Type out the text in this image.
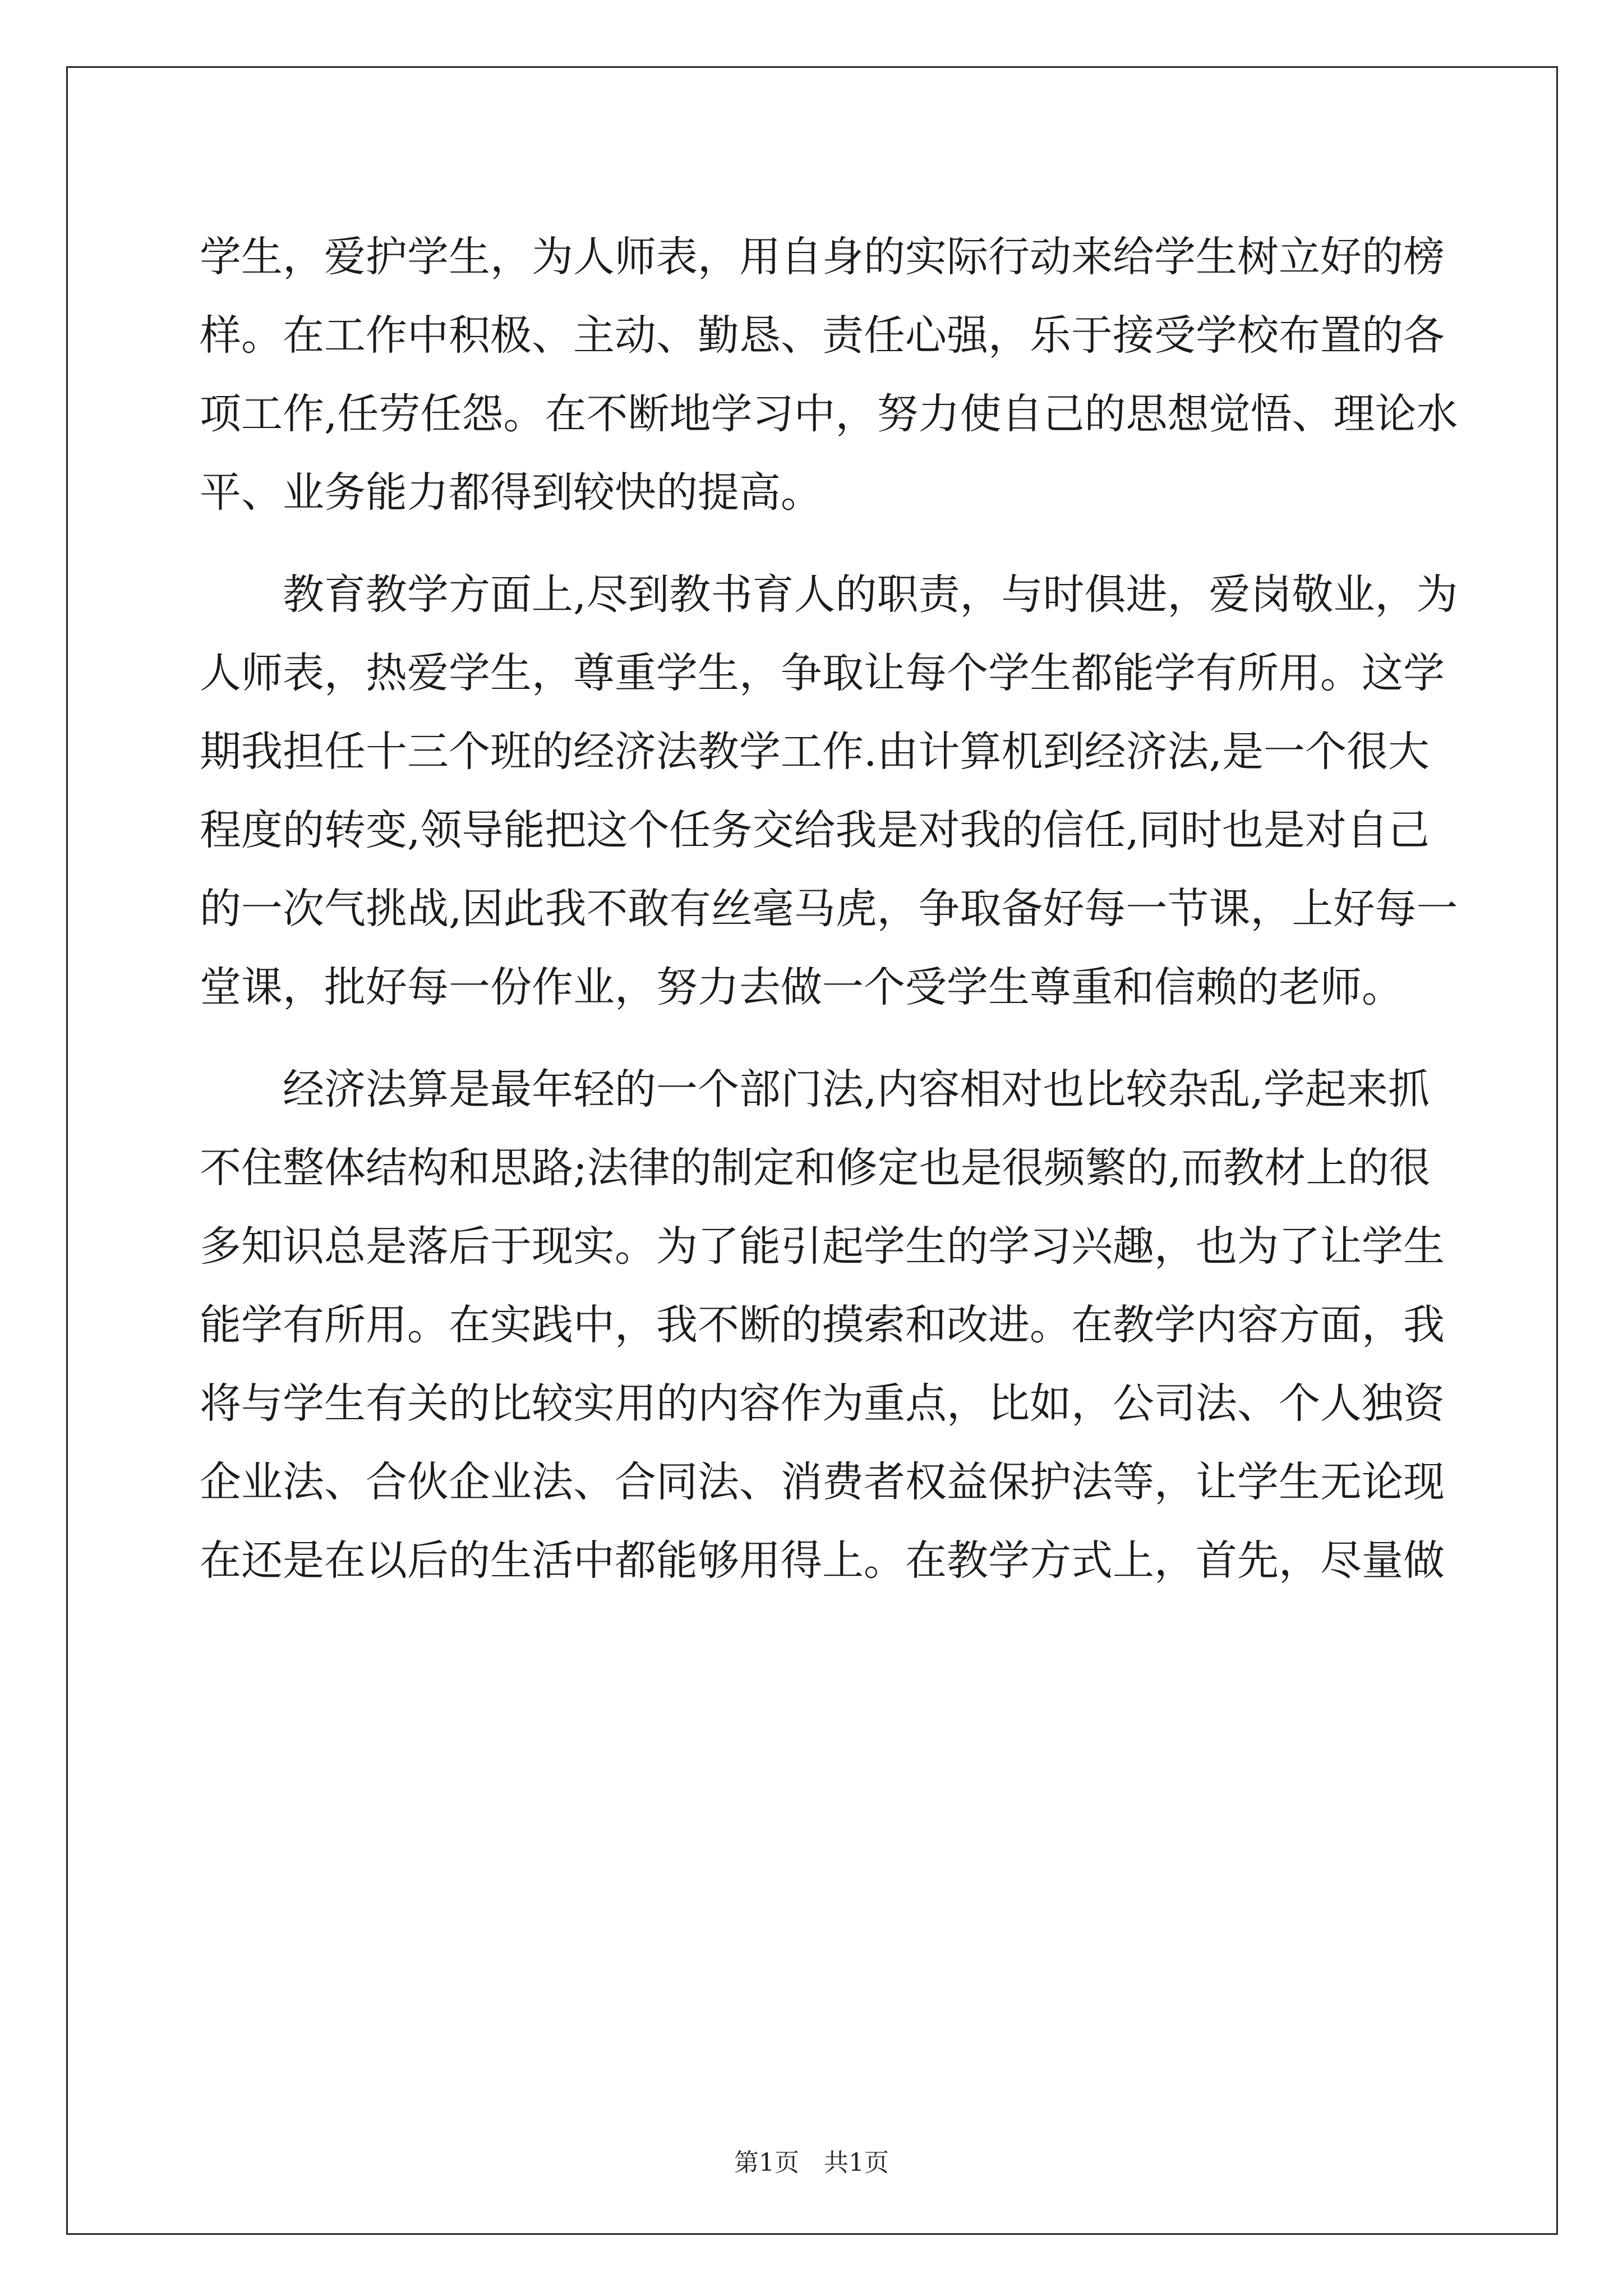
学生，爱护学生，为人师表，用自身的实际行动来给学生树立好的榜
样。在工作中积极、主动、勤恳、责任心强，乐于接受学校布置的各
项工作,任劳任怨。在不断地学习中，努力使自己的思想觉悟、理论水
平、业务能力都得到较快的提高。
教育教学方面上,尽到教书育人的职责，与时俱进，爱岗敬业，为
人师表，热爱学生，尊重学生，争取让每个学生都能学有所用。这学
期我担任十三个班的经济法教学工作.由计算机到经济法,是一个很大
程度的转变,领导能把这个任务交给我是对我的信任,同时也是对自己
的一次气挑战,因此我不敢有丝毫马虎，争取备好每一节课，上好每一
堂课，批好每一份作业，努力去做一个受学生尊重和信赖的老师。
经济法算是最年轻的一个部门法,内容相对也比较杂乱,学起来抓
不住整体结构和思路;法律的制定和修定也是很频繁的,而教材上的很
多知识总是落后于现实。为了能引起学生的学习兴趣，也为了让学生
能学有所用。在实践中，我不断的摸索和改进。在教学内容方面，我
将与学生有关的比较实用的内容作为重点，比如，公司法、个人独资
企业法、合伙企业法、合同法、消费者权益保护法等，让学生无论现
在还是在以后的生活中都能够用得上。在教学方式上，首先，尽量做
第1页　共1页
